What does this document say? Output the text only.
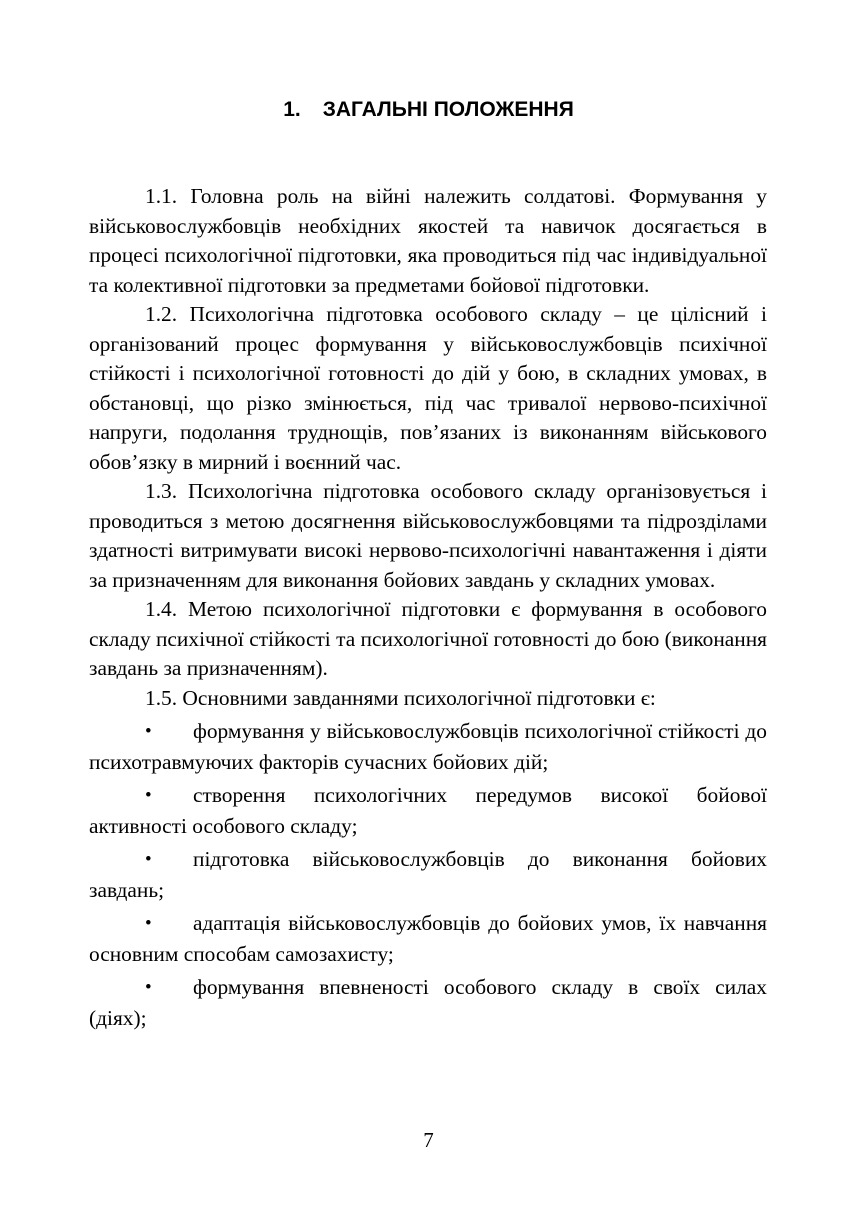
1. ЗАГАЛЬНІ ПОЛОЖЕННЯ

1.1. Головна роль на війні належить солдатові. Формування у військовослужбовців необхідних якостей та навичок досягається в процесі психологічної підготовки, яка проводиться під час індивідуальної та колективної підготовки за предметами бойової підготовки.

1.2. Психологічна підготовка особового складу – це цілісний і організований процес формування у військовослужбовців психічної стійкості і психологічної готовності до дій у бою, в складних умовах, в обстановці, що різко змінюється, під час тривалої нервово-психічної напруги, подолання труднощів, пов’язаних із виконанням військового обов’язку в мирний і воєнний час.

1.3. Психологічна підготовка особового складу організовується і проводиться з метою досягнення військовослужбовцями та підрозділами здатності витримувати високі нервово-психологічні навантаження і діяти за призначенням для виконання бойових завдань у складних умовах.

1.4. Метою психологічної підготовки є формування в особового складу психічної стійкості та психологічної готовності до бою (виконання завдань за призначенням).

1.5. Основними завданнями психологічної підготовки є:

• формування у військовослужбовців психологічної стійкості до психотравмуючих факторів сучасних бойових дій;

• створення психологічних передумов високої бойової активності особового складу;

• підготовка військовослужбовців до виконання бойових завдань;

• адаптація військовослужбовців до бойових умов, їх навчання основним способам самозахисту;

• формування впевненості особового складу в своїх силах (діях);

7
